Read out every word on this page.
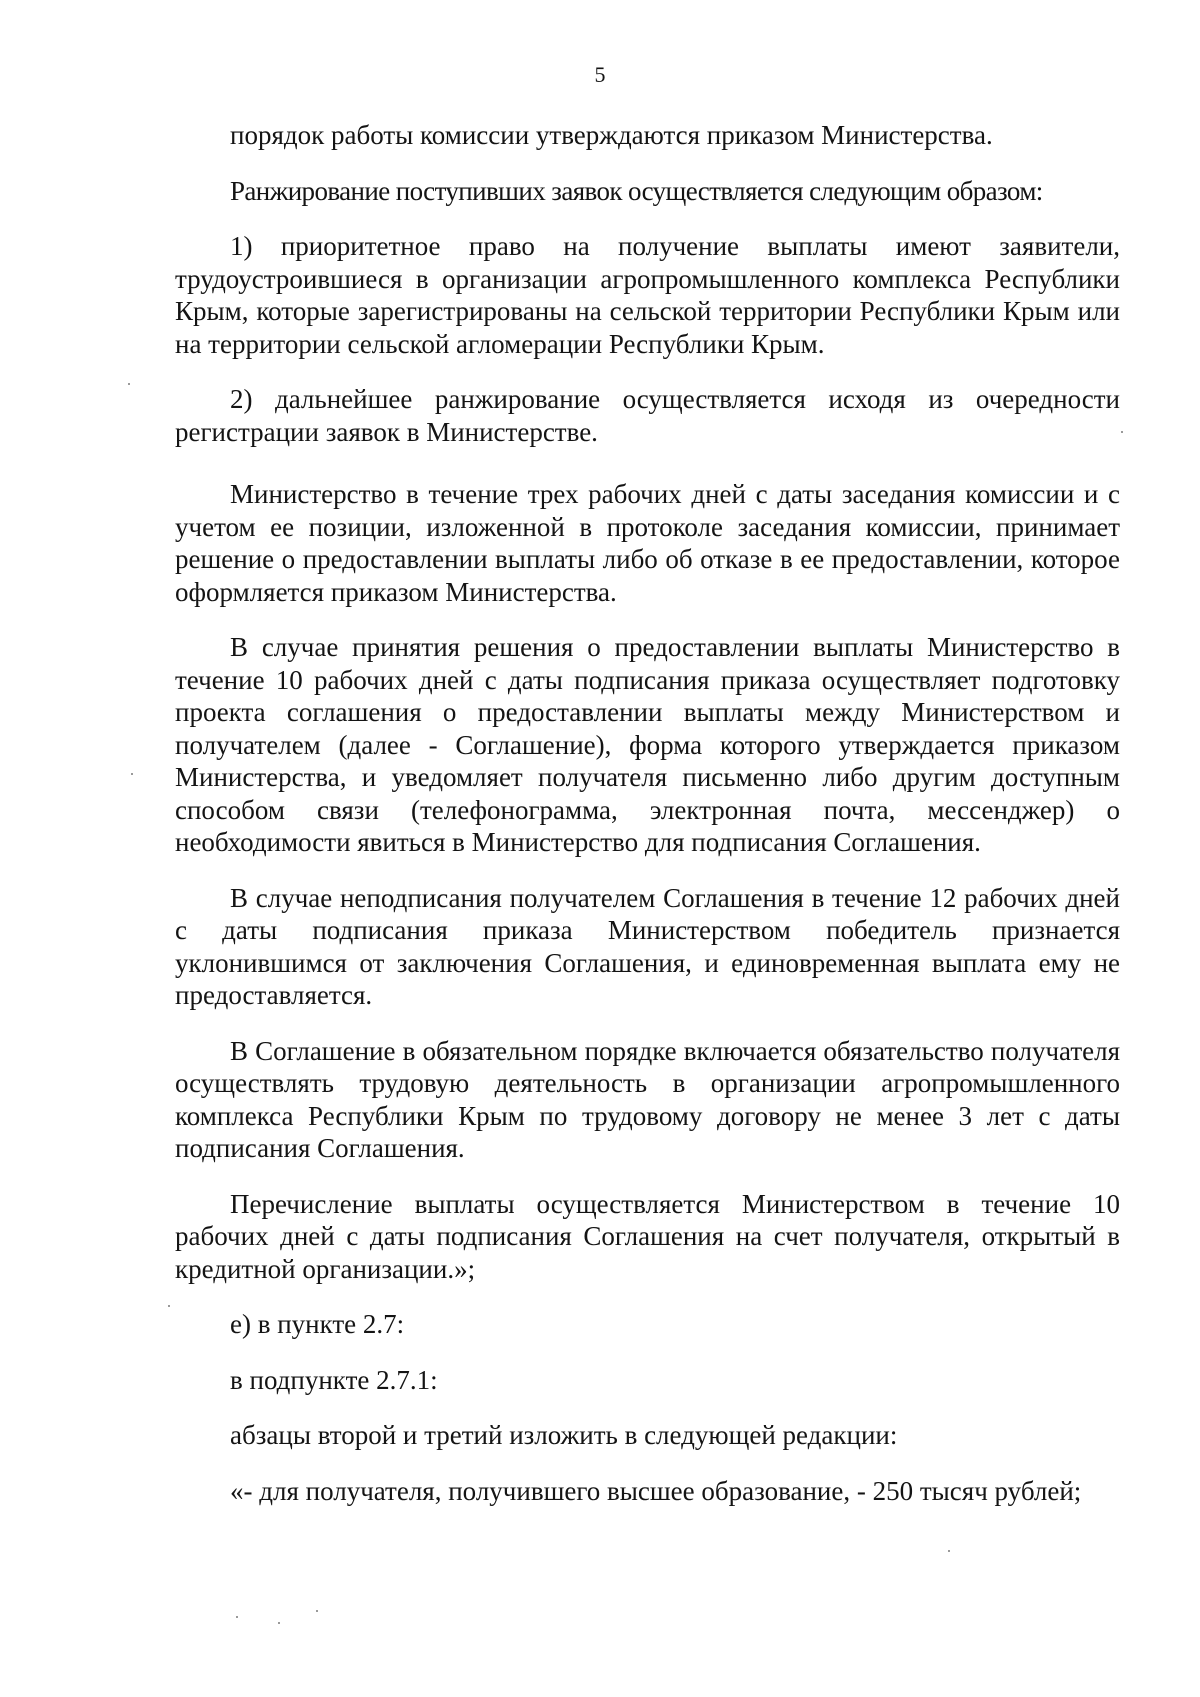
5

порядок работы комиссии утверждаются приказом Министерства.

Ранжирование поступивших заявок осуществляется следующим образом:

1) приоритетное право на получение выплаты имеют заявители, трудоустроившиеся в организации агропромышленного комплекса Республики Крым, которые зарегистрированы на сельской территории Республики Крым или на территории сельской агломерации Республики Крым.

2) дальнейшее ранжирование осуществляется исходя из очередности регистрации заявок в Министерстве.

Министерство в течение трех рабочих дней с даты заседания комиссии и с учетом ее позиции, изложенной в протоколе заседания комиссии, принимает решение о предоставлении выплаты либо об отказе в ее предоставлении, которое оформляется приказом Министерства.

В случае принятия решения о предоставлении выплаты Министерство в течение 10 рабочих дней с даты подписания приказа осуществляет подготовку проекта соглашения о предоставлении выплаты между Министерством и получателем (далее - Соглашение), форма которого утверждается приказом Министерства, и уведомляет получателя письменно либо другим доступным способом связи (телефонограмма, электронная почта, мессенджер) о необходимости явиться в Министерство для подписания Соглашения.

В случае неподписания получателем Соглашения в течение 12 рабочих дней с даты подписания приказа Министерством победитель признается уклонившимся от заключения Соглашения, и единовременная выплата ему не предоставляется.

В Соглашение в обязательном порядке включается обязательство получателя осуществлять трудовую деятельность в организации агропромышленного комплекса Республики Крым по трудовому договору не менее 3 лет с даты подписания Соглашения.

Перечисление выплаты осуществляется Министерством в течение 10 рабочих дней с даты подписания Соглашения на счет получателя, открытый в кредитной организации.»;

е) в пункте 2.7:

в подпункте 2.7.1:

абзацы второй и третий изложить в следующей редакции:

«- для получателя, получившего высшее образование, - 250 тысяч рублей;
